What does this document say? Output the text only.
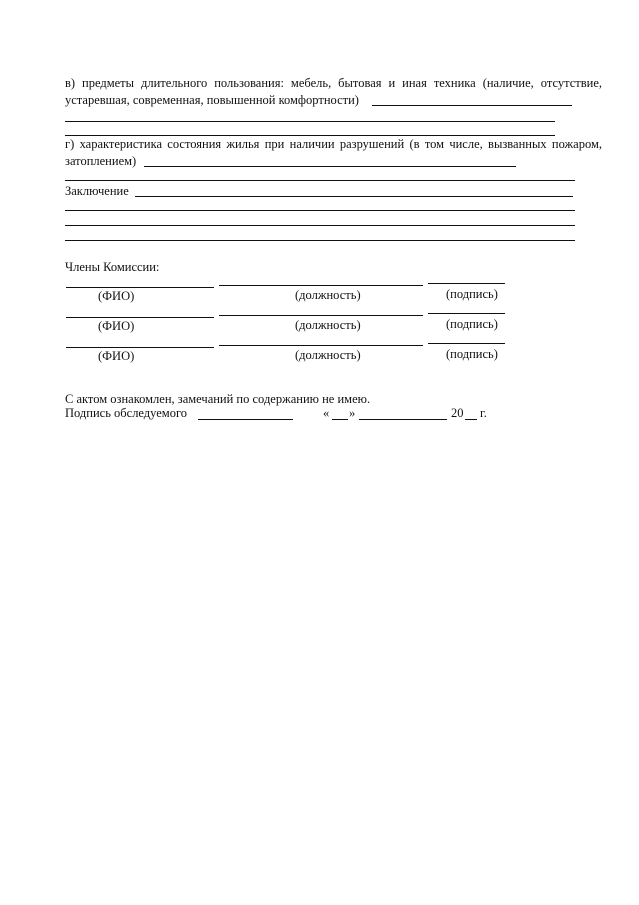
в) предметы длительного пользования: мебель, бытовая и иная техника (наличие, отсутствие,
устаревшая, современная, повышенной комфортности)
г) характеристика состояния жилья при наличии разрушений (в том числе, вызванных пожаром,
затоплением)
Заключение
Члены Комиссии:
(ФИО)	(должность)	(подпись)
(ФИО)	(должность)	(подпись)
(ФИО)	(должность)	(подпись)
С актом ознакомлен, замечаний по содержанию не имею.
Подпись обследуемого	« »	20 г.
